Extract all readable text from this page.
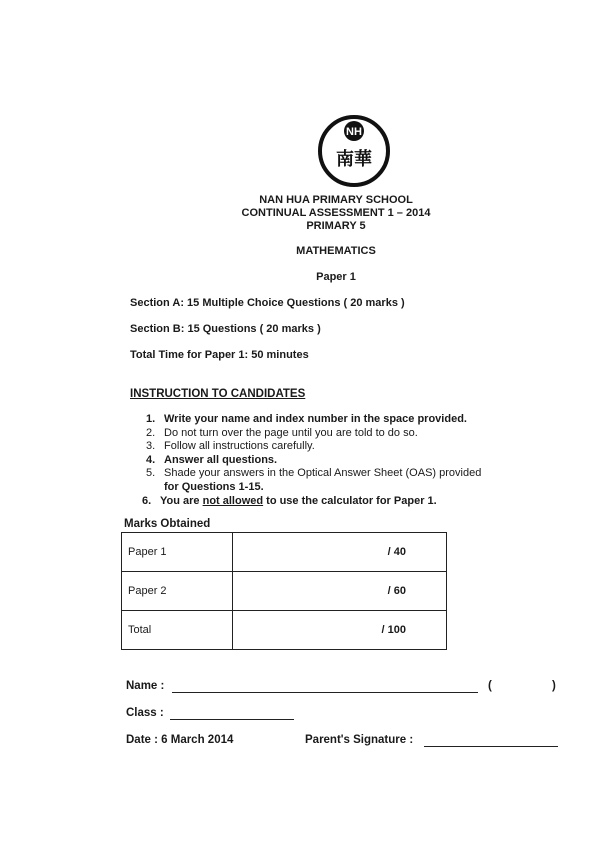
NH
南華
NAN HUA PRIMARY SCHOOL
CONTINUAL ASSESSMENT 1 – 2014
PRIMARY 5
MATHEMATICS
Paper 1
Section A: 15 Multiple Choice Questions ( 20 marks )
Section B: 15 Questions ( 20 marks )
Total Time for Paper 1: 50 minutes
INSTRUCTION TO CANDIDATES
1. Write your name and index number in the space provided.
2. Do not turn over the page until you are told to do so.
3. Follow all instructions carefully.
4. Answer all questions.
5. Shade your answers in the Optical Answer Sheet (OAS) provided
for Questions 1-15.
6. You are not allowed to use the calculator for Paper 1.
Marks Obtained
Paper 1	/ 40
Paper 2	/ 60
Total	/ 100
Name :	(	)
Class :
Date : 6 March 2014	Parent's Signature :
